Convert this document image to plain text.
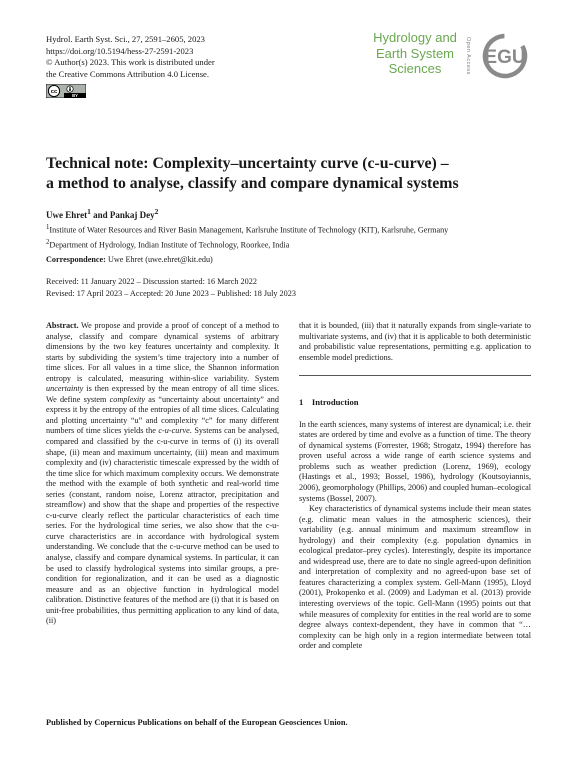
Hydrol. Earth Syst. Sci., 27, 2591–2605, 2023
https://doi.org/10.5194/hess-27-2591-2023
© Author(s) 2023. This work is distributed under
the Creative Commons Attribution 4.0 License.
cc
BY
Hydrology and
Earth System
Sciences	Open Access EGU
Technical note: Complexity–uncertainty curve (c-u-curve) –
a method to analyse, classify and compare dynamical systems
Uwe Ehret$^1$ and Pankaj Dey$^2$
$^1$Institute of Water Resources and River Basin Management, Karlsruhe Institute of Technology (KIT), Karlsruhe, Germany
$^2$Department of Hydrology, Indian Institute of Technology, Roorkee, India
Correspondence: Uwe Ehret (uwe.ehret@kit.edu)
Received: 11 January 2022 – Discussion started: 16 March 2022
Revised: 17 April 2023 – Accepted: 20 June 2023 – Published: 18 July 2023

Abstract. We propose and provide a proof of concept of a method to analyse, classify and compare dynamical systems of arbitrary dimensions by the two key features uncertainty and complexity. It starts by subdividing the system’s time trajectory into a number of time slices. For all values in a time slice, the Shannon information entropy is calculated, measuring within-slice variability. System uncertainty is then expressed by the mean entropy of all time slices. We define system complexity as “uncertainty about uncertainty” and express it by the entropy of the entropies of all time slices. Calculating and plotting uncertainty “u” and complexity “c” for many different numbers of time slices yields the c-u-curve. Systems can be analysed, compared and classified by the c-u-curve in terms of (i) its overall shape, (ii) mean and maximum uncertainty, (iii) mean and maximum complexity and (iv) characteristic timescale expressed by the width of the time slice for which maximum complexity occurs. We demonstrate the method with the example of both synthetic and real-world time series (constant, random noise, Lorenz attractor, precipitation and streamflow) and show that the shape and properties of the respective c-u-curve clearly reflect the particular characteristics of each time series. For the hydrological time series, we also show that the c-u-curve characteristics are in accordance with hydrological system understanding. We conclude that the c-u-curve method can be used to analyse, classify and compare dynamical systems. In particular, it can be used to classify hydrological systems into similar groups, a pre-condition for regionalization, and it can be used as a diagnostic measure and as an objective function in hydrological model calibration. Distinctive features of the method are (i) that it is based on unit-free probabilities, thus permitting application to any kind of data, (ii)

that it is bounded, (iii) that it naturally expands from single-variate to multivariate systems, and (iv) that it is applicable to both deterministic and probabilistic value representations, permitting e.g. application to ensemble model predictions.

1 Introduction

In the earth sciences, many systems of interest are dynamical; i.e. their states are ordered by time and evolve as a function of time. The theory of dynamical systems (Forrester, 1968; Strogatz, 1994) therefore has proven useful across a wide range of earth science systems and problems such as weather prediction (Lorenz, 1969), ecology (Hastings et al., 1993; Bossel, 1986), hydrology (Koutsoyiannis, 2006), geomorphology (Phillips, 2006) and coupled human–ecological systems (Bossel, 2007).

Key characteristics of dynamical systems include their mean states (e.g. climatic mean values in the atmospheric sciences), their variability (e.g. annual minimum and maximum streamflow in hydrology) and their complexity (e.g. population dynamics in ecological predator–prey cycles). Interestingly, despite its importance and widespread use, there are to date no single agreed-upon definition and interpretation of complexity and no agreed-upon base set of features characterizing a complex system. Gell-Mann (1995), Lloyd (2001), Prokopenko et al. (2009) and Ladyman et al. (2013) provide interesting overviews of the topic. Gell-Mann (1995) points out that while measures of complexity for entities in the real world are to some degree always context-dependent, they have in common that “…complexity can be high only in a region intermediate between total order and complete

Published by Copernicus Publications on behalf of the European Geosciences Union.
